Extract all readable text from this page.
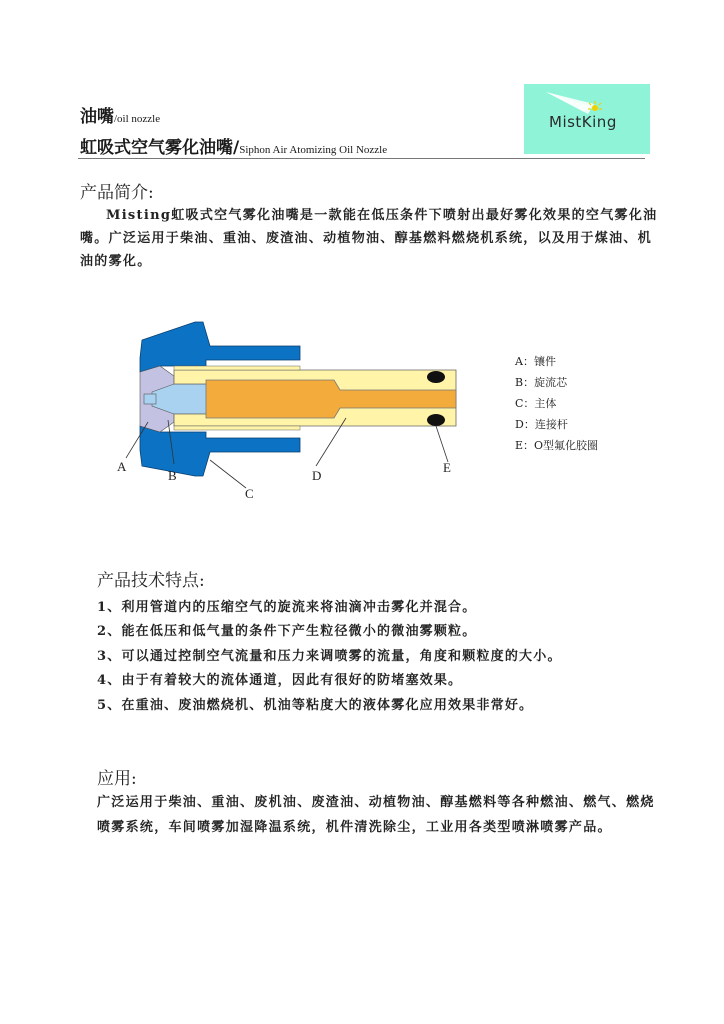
油嘴/oil nozzle
虹吸式空气雾化油嘴/Siphon Air Atomizing Oil Nozzle
MistKing
产品简介:
Misting虹吸式空气雾化油嘴是一款能在低压条件下喷射出最好雾化效果的空气雾化油嘴。广泛运用于柴油、重油、废渣油、动植物油、醇基燃料燃烧机系统，以及用于煤油、机油的雾化。
A
B
C
D
E
A：镶件
B：旋流芯
C：主体
D：连接杆
E：O型氟化胶圈
产品技术特点:
1、利用管道内的压缩空气的旋流来将油滴冲击雾化并混合。
2、能在低压和低气量的条件下产生粒径微小的微油雾颗粒。
3、可以通过控制空气流量和压力来调喷雾的流量，角度和颗粒度的大小。
4、由于有着较大的流体通道，因此有很好的防堵塞效果。
5、在重油、废油燃烧机、机油等粘度大的液体雾化应用效果非常好。
应用:
广泛运用于柴油、重油、废机油、废渣油、动植物油、醇基燃料等各种燃油、燃气、燃烧喷雾系统，车间喷雾加湿降温系统，机件清洗除尘，工业用各类型喷淋喷雾产品。
